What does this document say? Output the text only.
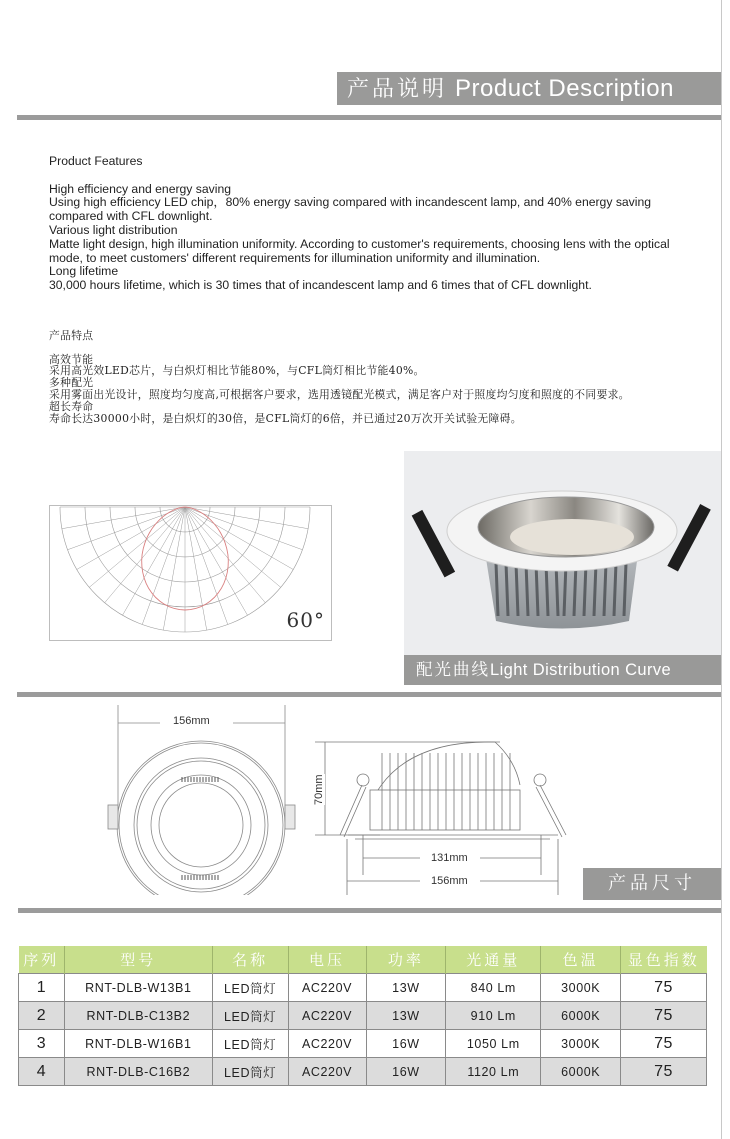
产品说明 Product Description

Product Features

High efficiency and energy saving

Using high efficiency LED chip，80% energy saving compared with incandescent lamp, and 40% energy saving compared with CFL downlight.

Various light distribution

Matte light design, high illumination uniformity. According to customer's requirements, choosing lens with the optical mode, to meet customers' different requirements for illumination uniformity and illumination.

Long lifetime

30,000 hours lifetime, which is 30 times that of incandescent lamp and 6 times that of CFL downlight.

产品特点

高效节能

采用高光效LED芯片，与白炽灯相比节能80%，与CFL筒灯相比节能40%。

多种配光

采用雾面出光设计，照度均匀度高,可根据客户要求，选用透镜配光模式，满足客户对于照度均匀度和照度的不同要求。

超长寿命

寿命长达30000小时，是白炽灯的30倍，是CFL筒灯的6倍，并已通过20万次开关试验无障碍。

60°
配光曲线Light Distribution Curve
156mm
70mm
131mm
156mm	产品尺寸
序列	型号	名称	电压	功率	光通量	色温	显色指数
1	RNT-DLB-W13B1	LED筒灯	AC220V	13W	840 Lm	3000K	75
2	RNT-DLB-C13B2	LED筒灯	AC220V	13W	910 Lm	6000K	75
3	RNT-DLB-W16B1	LED筒灯	AC220V	16W	1050 Lm	3000K	75
4	RNT-DLB-C16B2	LED筒灯	AC220V	16W	1120 Lm	6000K	75
